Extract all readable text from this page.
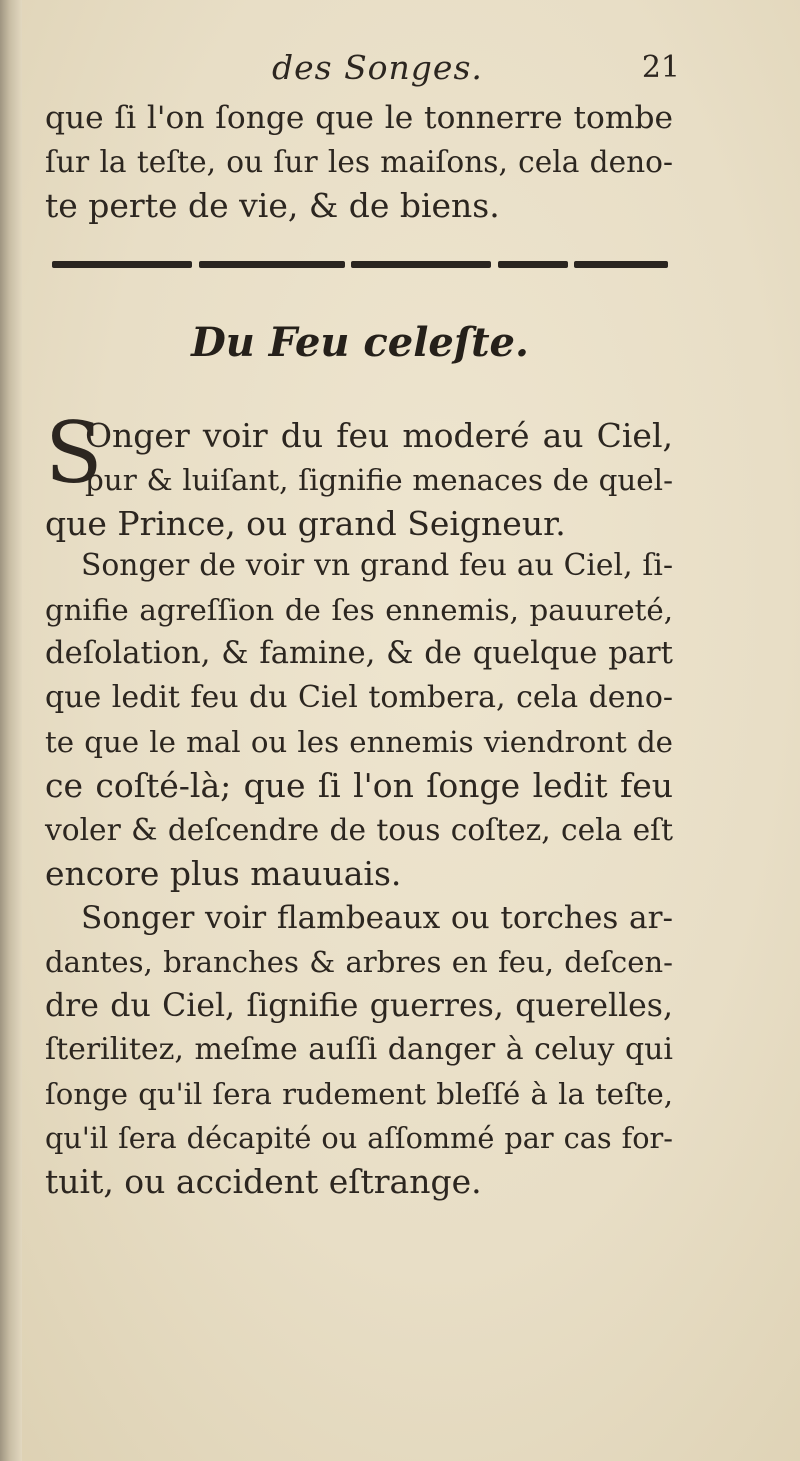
des Songes.	21
que ſi l'on ſonge que le tonnerre tombe
ſur la teſte, ou ſur les maiſons, cela deno-
te perte de vie, & de biens.
Du Feu celeſte.
S
Onger voir du feu moderé au Ciel,
pur & luiſant, ſignifie menaces de quel-
que Prince, ou grand Seigneur.
Songer de voir vn grand feu au Ciel, ſi-
gnifie agreſſion de ſes ennemis, pauureté,
deſolation, & famine, & de quelque part
que ledit feu du Ciel tombera, cela deno-
te que le mal ou les ennemis viendront de
ce coſté-là; que ſi l'on ſonge ledit feu
voler & deſcendre de tous coſtez, cela eſt
encore plus mauuais.
Songer voir flambeaux ou torches ar-
dantes, branches & arbres en feu, deſcen-
dre du Ciel, ſignifie guerres, querelles,
ſterilitez, meſme auſſi danger à celuy qui
ſonge qu'il ſera rudement bleſſé à la teſte,
qu'il ſera décapité ou aſſommé par cas for-
tuit, ou accident eſtrange.
